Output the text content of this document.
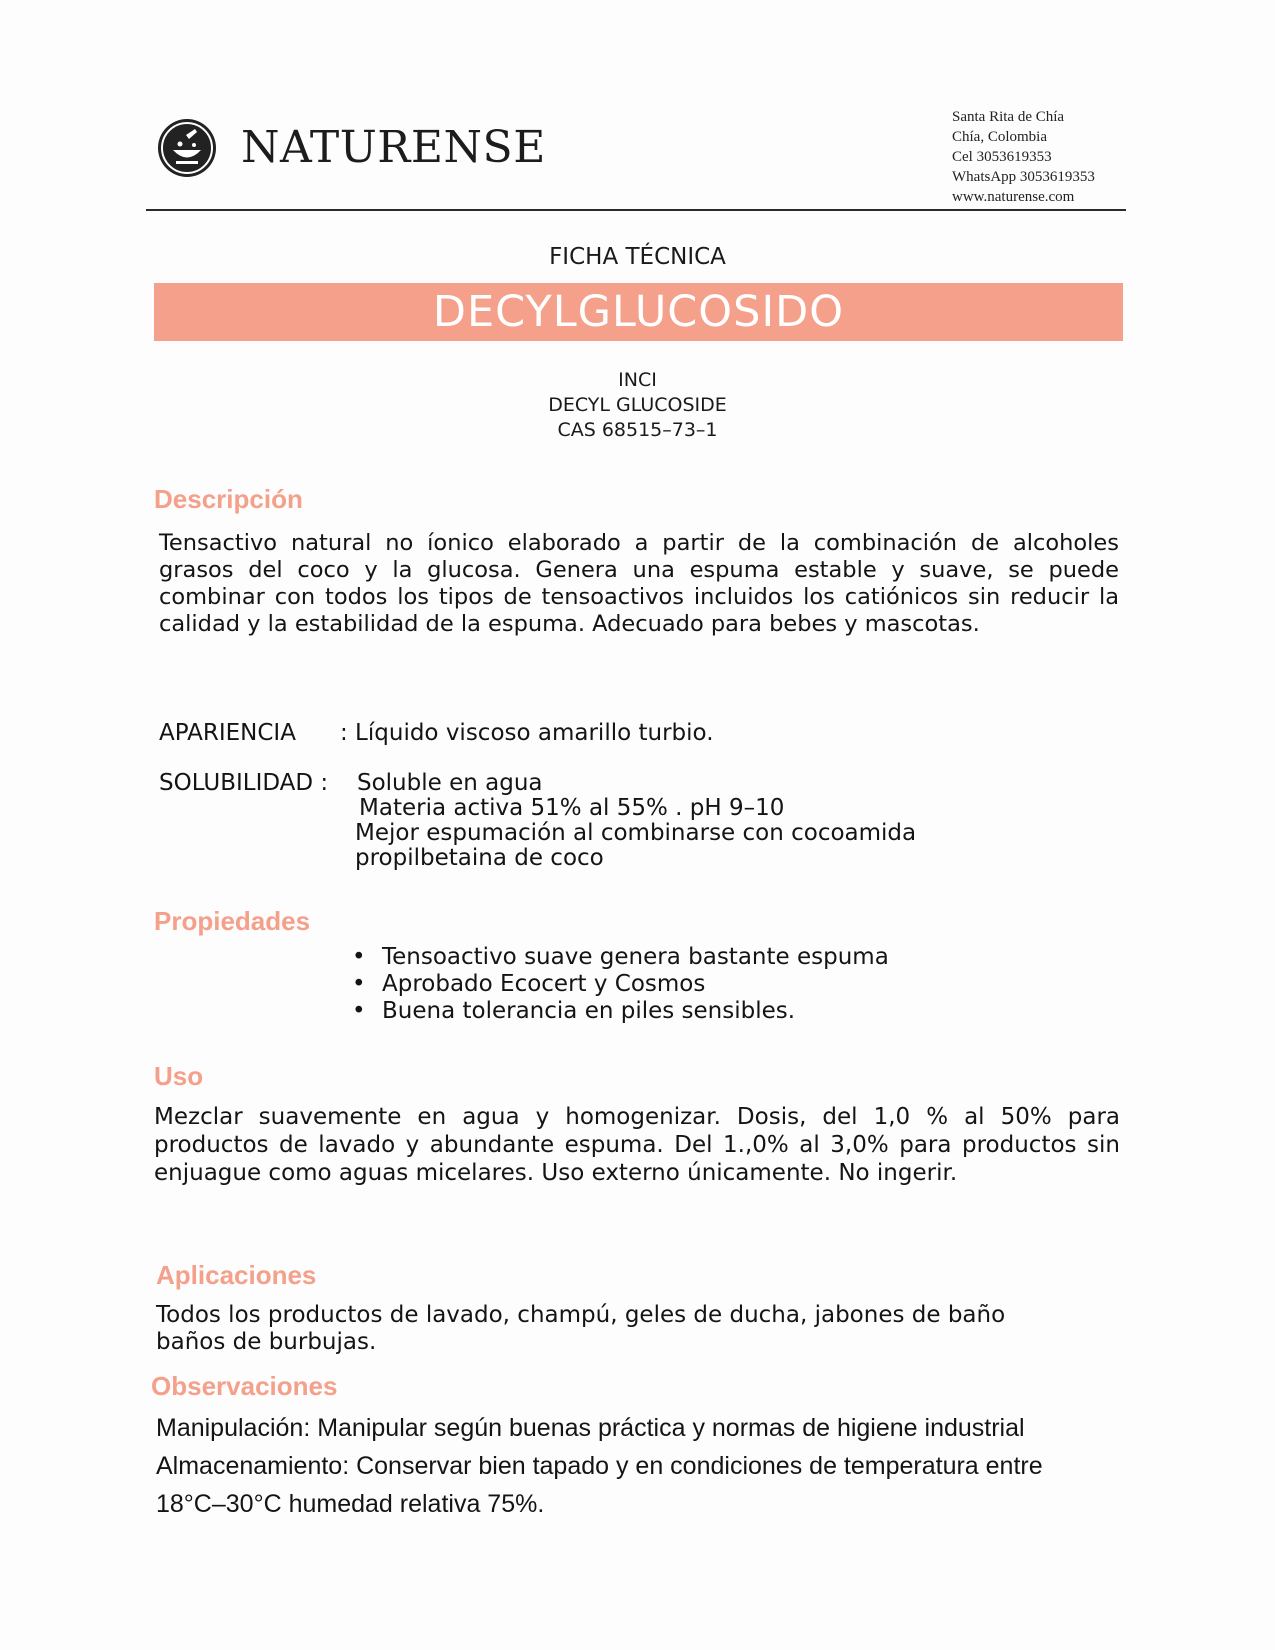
NATURENSE
Santa Rita de Chía
Chía, Colombia
Cel 3053619353
WhatsApp 3053619353
www.naturense.com
FICHA TÉCNICA
DECYLGLUCOSIDO
INCI
DECYL GLUCOSIDE
CAS 68515–73–1
Descripción
Tensactivo natural no íonico elaborado a partir de la combinación de alcoholes grasos del coco y la glucosa. Genera una espuma estable y suave, se puede combinar con todos los tipos de tensoactivos incluidos los catiónicos sin reducir la calidad y la estabilidad de la espuma. Adecuado para bebes y mascotas.
APARIENCIA : Líquido viscoso amarillo turbio.
SOLUBILIDAD : Soluble en agua
Materia activa 51% al 55% . pH 9–10
Mejor espumación al combinarse con cocoamida
propilbetaina de coco
Propiedades
• Tensoactivo suave genera bastante espuma
• Aprobado Ecocert y Cosmos
• Buena tolerancia en piles sensibles.
Uso
Mezclar suavemente en agua y homogenizar. Dosis, del 1,0 % al 50% para productos de lavado y abundante espuma. Del 1.,0% al 3,0% para productos sin enjuague como aguas micelares. Uso externo únicamente. No ingerir.
Aplicaciones
Todos los productos de lavado, champú, geles de ducha, jabones de baño
baños de burbujas.
Observaciones
Manipulación: Manipular según buenas práctica y normas de higiene industrial
Almacenamiento: Conservar bien tapado y en condiciones de temperatura entre
18°C–30°C humedad relativa 75%.
